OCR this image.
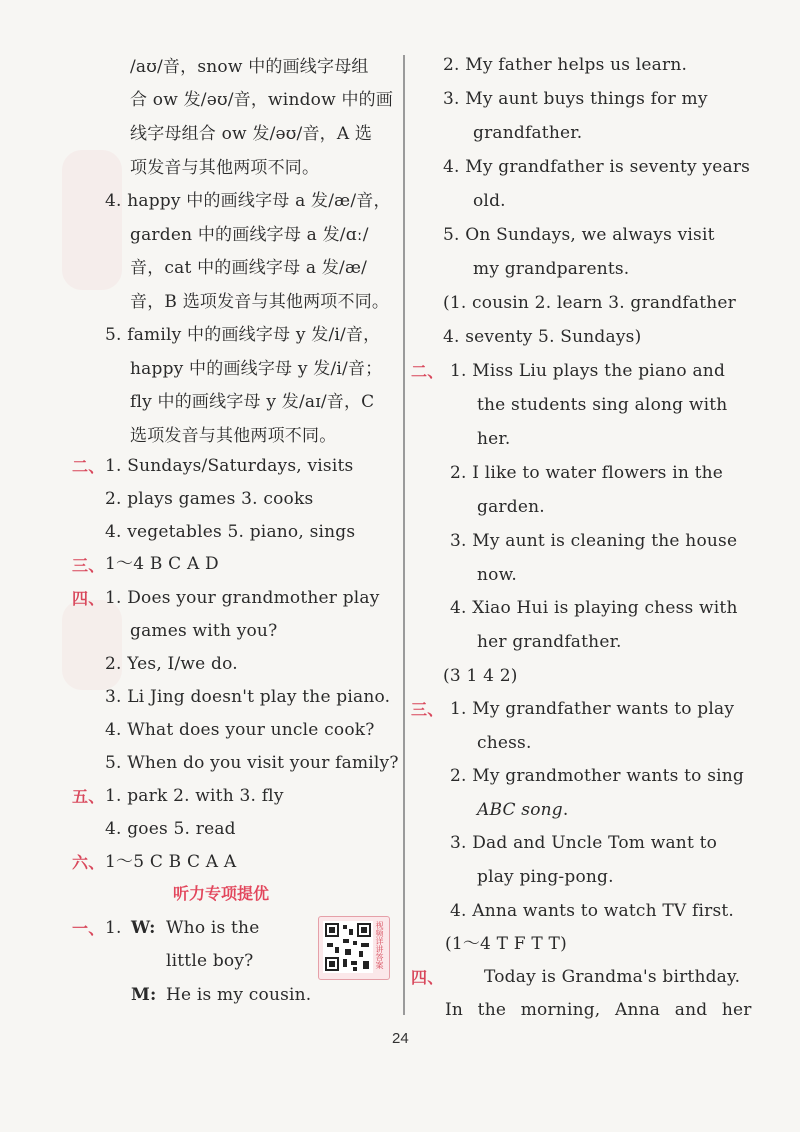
/aʊ/音，snow 中的画线字母组
合 ow 发/əʊ/音，window 中的画
线字母组合 ow 发/əʊ/音，A 选
项发音与其他两项不同。
4. happy 中的画线字母 a 发/æ/音，
garden 中的画线字母 a 发/ɑː/
音，cat 中的画线字母 a 发/æ/
音，B 选项发音与其他两项不同。
5. family 中的画线字母 y 发/i/音，
happy 中的画线字母 y 发/i/音；
fly 中的画线字母 y 发/aɪ/音，C
选项发音与其他两项不同。
二、 1. Sundays/Saturdays, visits
2. plays games 3. cooks
4. vegetables 5. piano, sings
三、 1～4 B C A D
四、 1. Does your grandmother play
games with you?
2. Yes, I/we do.
3. Li Jing doesn't play the piano.
4. What does your uncle cook?
5. When do you visit your family?
五、 1. park 2. with 3. fly
4. goes 5. read
六、 1～5 C B C A A
听力专项提优
一、 1. W: Who is the
little boy?
M: He is my cousin.
视频详讲答案
2. My father helps us learn.
3. My aunt buys things for my
grandfather.
4. My grandfather is seventy years
old.
5. On Sundays, we always visit
my grandparents.
(1. cousin 2. learn 3. grandfather
4. seventy 5. Sundays)
二、 1. Miss Liu plays the piano and
the students sing along with
her.
2. I like to water flowers in the
garden.
3. My aunt is cleaning the house
now.
4. Xiao Hui is playing chess with
her grandfather.
(3 1 4 2)
三、 1. My grandfather wants to play
chess.
2. My grandmother wants to sing
ABC song.
3. Dad and Uncle Tom want to
play ping-pong.
4. Anna wants to watch TV first.
(1～4 T F T T)
四、 Today is Grandma's birthday.
In the morning, Anna and her
24
